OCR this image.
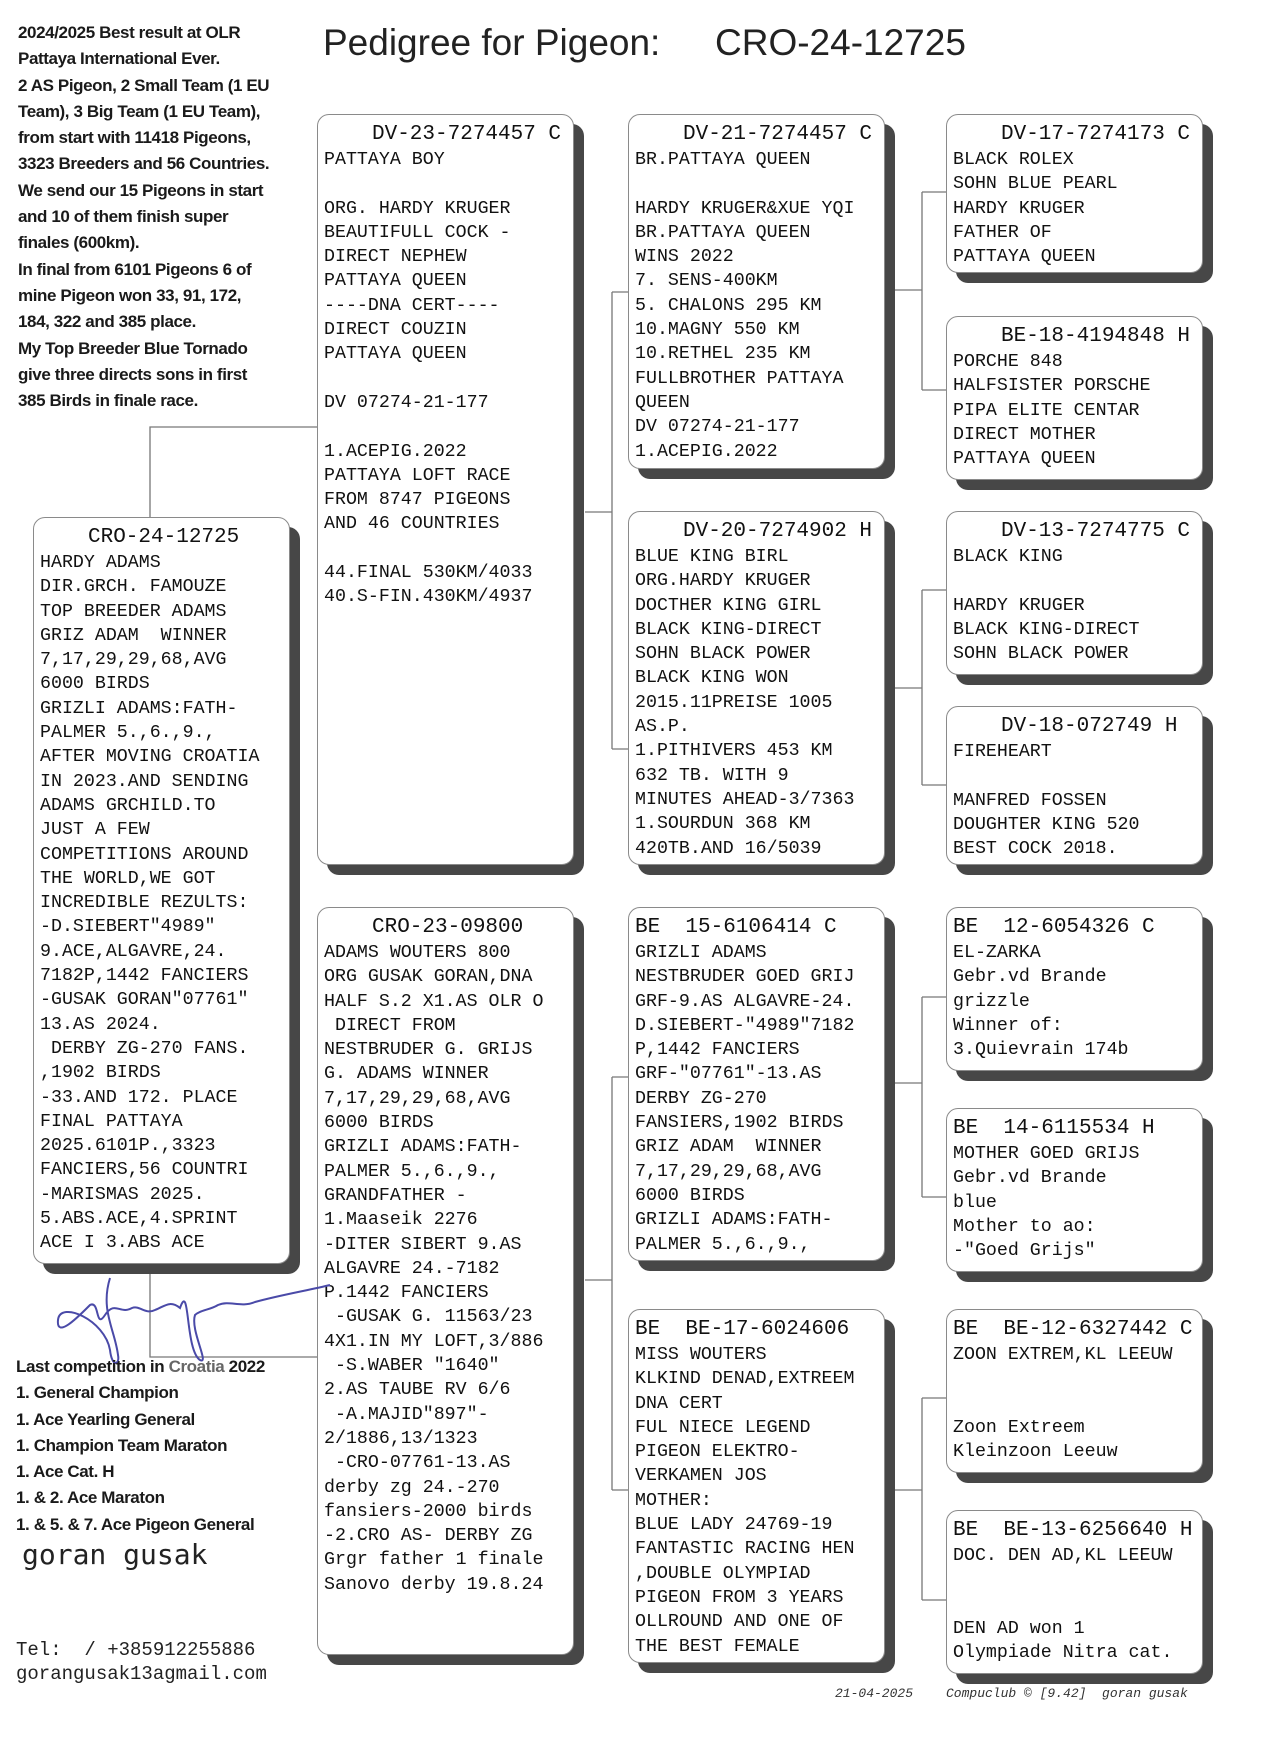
2024/2025 Best result at OLR
Pattaya International Ever.
2 AS Pigeon, 2 Small Team (1 EU
Team), 3 Big Team (1 EU Team),
from start with 11418 Pigeons,
3323 Breeders and 56 Countries.
We send our 15 Pigeons in start
and 10 of them finish super
finales (600km).
In final from 6101 Pigeons 6 of
mine Pigeon won 33, 91, 172,
184, 322 and 385 place.
My Top Breeder Blue Tornado
give three directs sons in first
385 Birds in finale race.
Pedigree for Pigeon: CRO-24-12725
CRO-24-12725
HARDY ADAMS
DIR.GRCH. FAMOUZE
TOP BREEDER ADAMS
GRIZ ADAM  WINNER
7,17,29,29,68,AVG
6000 BIRDS
GRIZLI ADAMS:FATH-
PALMER 5.,6.,9.,
AFTER MOVING CROATIA
IN 2023.AND SENDING
ADAMS GRCHILD.TO
JUST A FEW
COMPETITIONS AROUND
THE WORLD,WE GOT
INCREDIBLE REZULTS:
-D.SIEBERT"4989"
9.ACE,ALGAVRE,24.
7182P,1442 FANCIERS
-GUSAK GORAN"07761"
13.AS 2024.
DERBY ZG-270 FANS.
,1902 BIRDS
-33.AND 172. PLACE
FINAL PATTAYA
2025.6101P.,3323
FANCIERS,56 COUNTRI
-MARISMAS 2025.
5.ABS.ACE,4.SPRINT
ACE I 3.ABS ACE
DV-23-7274457 C
PATTAYA BOY
ORG. HARDY KRUGER
BEAUTIFULL COCK -
DIRECT NEPHEW
PATTAYA QUEEN
----DNA CERT----
DIRECT COUZIN
PATTAYA QUEEN
DV 07274-21-177
1.ACEPIG.2022
PATTAYA LOFT RACE
FROM 8747 PIGEONS
AND 46 COUNTRIES
44.FINAL 530KM/4033
40.S-FIN.430KM/4937
CRO-23-09800
ADAMS WOUTERS 800
ORG GUSAK GORAN,DNA
HALF S.2 X1.AS OLR O
DIRECT FROM
NESTBRUDER G. GRIJS
G. ADAMS WINNER
7,17,29,29,68,AVG
6000 BIRDS
GRIZLI ADAMS:FATH-
PALMER 5.,6.,9.,
GRANDFATHER -
1.Maaseik 2276
-DITER SIBERT 9.AS
ALGAVRE 24.-7182
P.1442 FANCIERS
-GUSAK G. 11563/23
4X1.IN MY LOFT,3/886
-S.WABER "1640"
2.AS TAUBE RV 6/6
-A.MAJID"897"-
2/1886,13/1323
-CRO-07761-13.AS
derby zg 24.-270
fansiers-2000 birds
-2.CRO AS- DERBY ZG
Grgr father 1 finale
Sanovo derby 19.8.24
DV-21-7274457 C
BR.PATTAYA QUEEN
HARDY KRUGER&XUE YQI
BR.PATTAYA QUEEN
WINS 2022
7. SENS-400KM
5. CHALONS 295 KM
10.MAGNY 550 KM
10.RETHEL 235 KM
FULLBROTHER PATTAYA
QUEEN
DV 07274-21-177
1.ACEPIG.2022
DV-20-7274902 H
BLUE KING BIRL
ORG.HARDY KRUGER
DOCTHER KING GIRL
BLACK KING-DIRECT
SOHN BLACK POWER
BLACK KING WON
2015.11PREISE 1005
AS.P.
1.PITHIVERS 453 KM
632 TB. WITH 9
MINUTES AHEAD-3/7363
1.SOURDUN 368 KM
420TB.AND 16/5039
BE  15-6106414 C
GRIZLI ADAMS
NESTBRUDER GOED GRIJ
GRF-9.AS ALGAVRE-24.
D.SIEBERT-"4989"7182
P,1442 FANCIERS
GRF-"07761"-13.AS
DERBY ZG-270
FANSIERS,1902 BIRDS
GRIZ ADAM  WINNER
7,17,29,29,68,AVG
6000 BIRDS
GRIZLI ADAMS:FATH-
PALMER 5.,6.,9.,
BE  BE-17-6024606
MISS WOUTERS
KLKIND DENAD,EXTREEM
DNA CERT
FUL NIECE LEGEND
PIGEON ELEKTRO-
VERKAMEN JOS
MOTHER:
BLUE LADY 24769-19
FANTASTIC RACING HEN
,DOUBLE OLYMPIAD
PIGEON FROM 3 YEARS
OLLROUND AND ONE OF
THE BEST FEMALE
DV-17-7274173 C
BLACK ROLEX
SOHN BLUE PEARL
HARDY KRUGER
FATHER OF
PATTAYA QUEEN
BE-18-4194848 H
PORCHE 848
HALFSISTER PORSCHE
PIPA ELITE CENTAR
DIRECT MOTHER
PATTAYA QUEEN
DV-13-7274775 C
BLACK KING
HARDY KRUGER
BLACK KING-DIRECT
SOHN BLACK POWER
DV-18-072749 H
FIREHEART
MANFRED FOSSEN
DOUGHTER KING 520
BEST COCK 2018.
BE  12-6054326 C
EL-ZARKA
Gebr.vd Brande
grizzle
Winner of:
3.Quievrain 174b
BE  14-6115534 H
MOTHER GOED GRIJS
Gebr.vd Brande
blue
Mother to ao:
-"Goed Grijs"
BE  BE-12-6327442 C
ZOON EXTREM,KL LEEUW
Zoon Extreem
Kleinzoon Leeuw
BE  BE-13-6256640 H
DOC. DEN AD,KL LEEUW
DEN AD won 1
Olympiade Nitra cat.
Last competition in Croatia 2022
1. General Champion
1. Ace Yearling General
1. Champion Team Maraton
1. Ace Cat. H
1. & 2. Ace Maraton
1. & 5. & 7. Ace Pigeon General
goran gusak
Tel:  / +385912255886
gorangusak13agmail.com
21-04-2025	Compuclub © [9.42]  goran gusak
